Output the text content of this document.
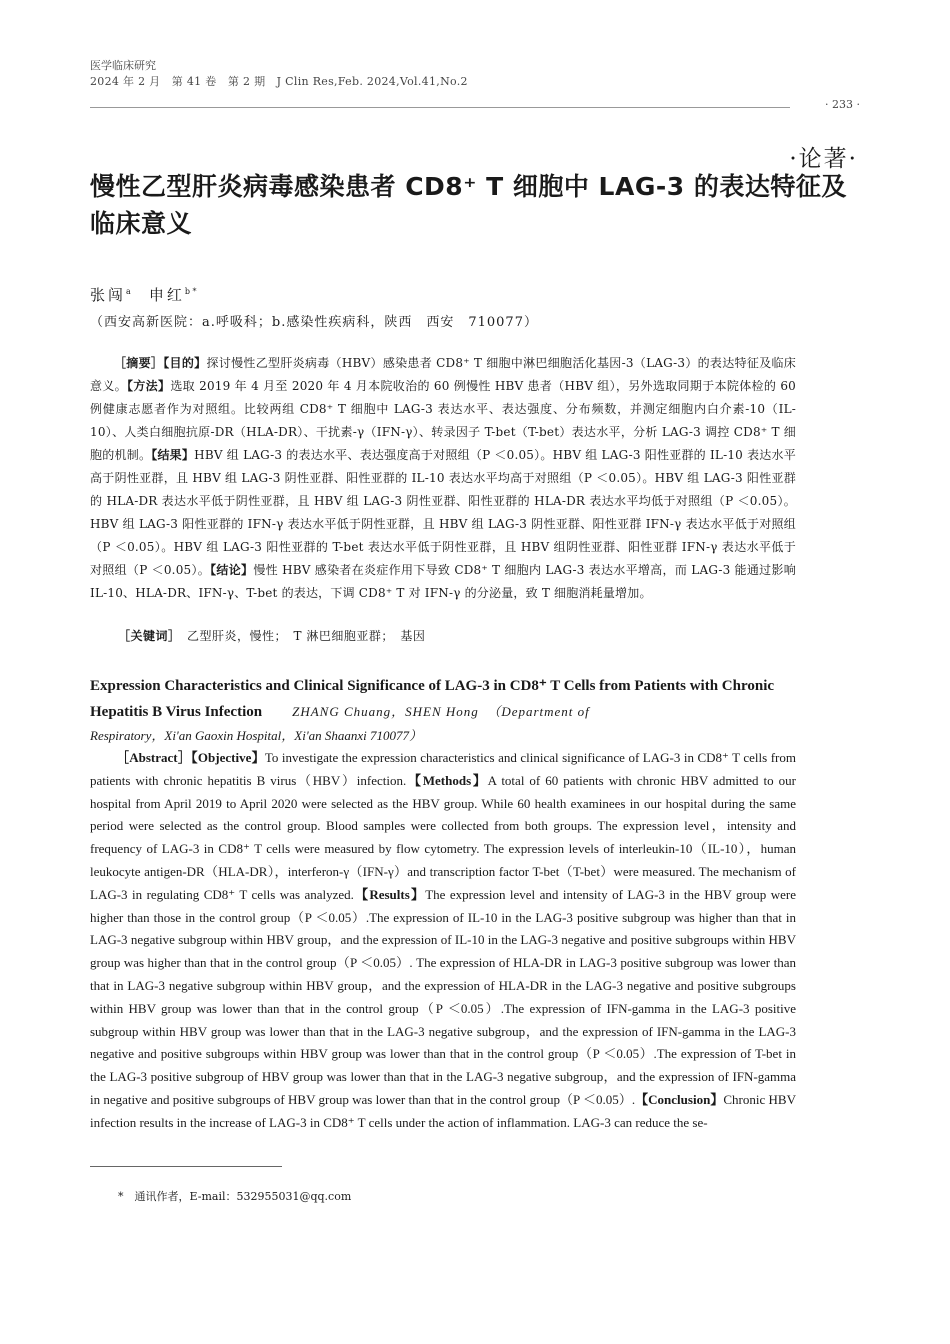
医学临床研究
2024 年 2 月　第 41 卷　第 2 期　J Clin Res,Feb. 2024,Vol.41,No.2
· 233 ·
·论著·
慢性乙型肝炎病毒感染患者 CD8⁺ T 细胞中 LAG-3 的表达特征及临床意义
张闯$^a$　 申红$^{b *}$
（西安高新医院：a.呼吸科；b.感染性疾病科，陕西　西安　710077）
［摘要］【目的】探讨慢性乙型肝炎病毒（HBV）感染患者 CD8⁺ T 细胞中淋巴细胞活化基因-3（LAG-3）的表达特征及临床意义。【方法】选取 2019 年 4 月至 2020 年 4 月本院收治的 60 例慢性 HBV 患者（HBV 组），另外选取同期于本院体检的 60 例健康志愿者作为对照组。比较两组 CD8⁺ T 细胞中 LAG-3 表达水平、表达强度、分布频数，并测定细胞内白介素-10（IL-10）、人类白细胞抗原-DR（HLA-DR）、干扰素-γ（IFN-γ）、转录因子 T-bet（T-bet）表达水平，分析 LAG-3 调控 CD8⁺ T 细胞的机制。【结果】HBV 组 LAG-3 的表达水平、表达强度高于对照组（P ＜0.05）。HBV 组 LAG-3 阳性亚群的 IL-10 表达水平高于阴性亚群，且 HBV 组 LAG-3 阴性亚群、阳性亚群的 IL-10 表达水平均高于对照组（P ＜0.05）。HBV 组 LAG-3 阳性亚群的 HLA-DR 表达水平低于阴性亚群，且 HBV 组 LAG-3 阴性亚群、阳性亚群的 HLA-DR 表达水平均低于对照组（P ＜0.05）。HBV 组 LAG-3 阳性亚群的 IFN-γ 表达水平低于阴性亚群，且 HBV 组 LAG-3 阴性亚群、阳性亚群 IFN-γ 表达水平低于对照组（P ＜0.05）。HBV 组 LAG-3 阳性亚群的 T-bet 表达水平低于阴性亚群，且 HBV 组阴性亚群、阳性亚群 IFN-γ 表达水平低于对照组（P ＜0.05）。【结论】慢性 HBV 感染者在炎症作用下导致 CD8⁺ T 细胞内 LAG-3 表达水平增高，而 LAG-3 能通过影响 IL-10、HLA-DR、IFN-γ、T-bet 的表达，下调 CD8⁺ T 对 IFN-γ 的分泌量，致 T 细胞消耗量增加。
［关键词］　 乙型肝炎，慢性；　T 淋巴细胞亚群；　基因
Expression Characteristics and Clinical Significance of LAG-3 in CD8⁺ T Cells from Patients with Chronic Hepatitis B Virus Infection　　 ZHANG Chuang，SHEN Hong　 （Department of
Respiratory，Xi'an Gaoxin Hospital，Xi'an Shaanxi 710077）
［Abstract］【Objective】To investigate the expression characteristics and clinical significance of LAG-3 in CD8⁺ T cells from patients with chronic hepatitis B virus（HBV）infection.【Methods】A total of 60 patients with chronic HBV admitted to our hospital from April 2019 to April 2020 were selected as the HBV group. While 60 health examinees in our hospital during the same period were selected as the control group. Blood samples were collected from both groups. The expression level，intensity and frequency of LAG-3 in CD8⁺ T cells were measured by flow cytometry. The expression levels of interleukin-10（IL-10），human leukocyte antigen-DR（HLA-DR），interferon-γ（IFN-γ）and transcription factor T-bet（T-bet）were measured. The mechanism of LAG-3 in regulating CD8⁺ T cells was analyzed.【Results】The expression level and intensity of LAG-3 in the HBV group were higher than those in the control group（P ＜0.05）.The expression of IL-10 in the LAG-3 positive subgroup was higher than that in LAG-3 negative subgroup within HBV group，and the expression of IL-10 in the LAG-3 negative and positive subgroups within HBV group was higher than that in the control group（P ＜0.05）. The expression of HLA-DR in LAG-3 positive subgroup was lower than that in LAG-3 negative subgroup within HBV group，and the expression of HLA-DR in the LAG-3 negative and positive subgroups within HBV group was lower than that in the control group（P ＜0.05）.The expression of IFN-gamma in the LAG-3 positive subgroup within HBV group was lower than that in the LAG-3 negative subgroup，and the expression of IFN-gamma in the LAG-3 negative and positive subgroups within HBV group was lower than that in the control group（P ＜0.05）.The expression of T-bet in the LAG-3 positive subgroup of HBV group was lower than that in the LAG-3 negative subgroup，and the expression of IFN-gamma in negative and positive subgroups of HBV group was lower than that in the control group（P ＜0.05）.【Conclusion】Chronic HBV infection results in the increase of LAG-3 in CD8⁺ T cells under the action of inflammation. LAG-3 can reduce the se-
*　通讯作者，E-mail：532955031@qq.com
